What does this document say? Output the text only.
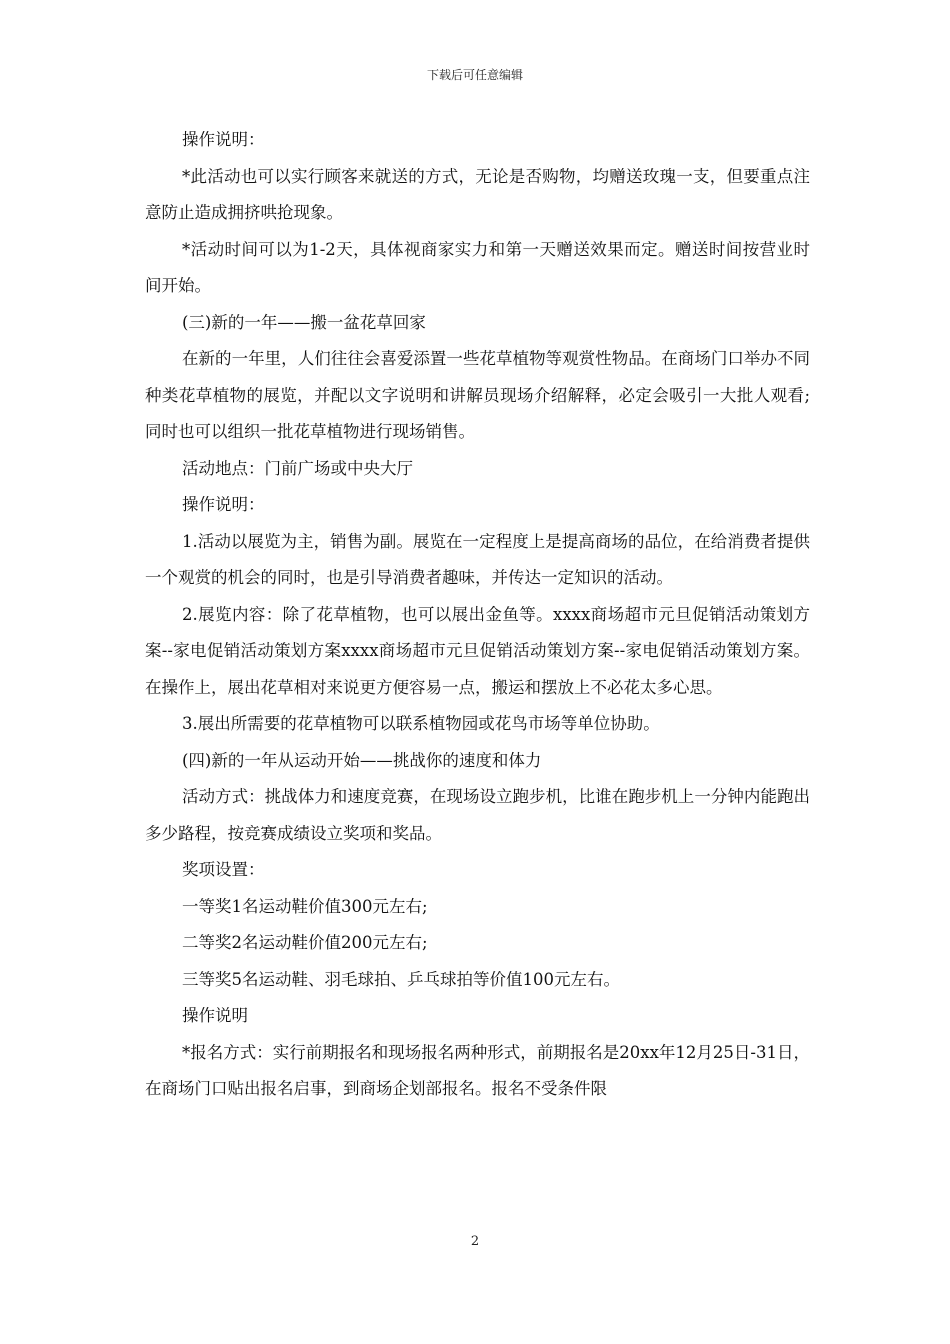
下载后可任意编辑

操作说明：

*此活动也可以实行顾客来就送的方式，无论是否购物，均赠送玫瑰一支，但要重点注意防止造成拥挤哄抢现象。

*活动时间可以为1-2天，具体视商家实力和第一天赠送效果而定。赠送时间按营业时间开始。

(三)新的一年——搬一盆花草回家

在新的一年里，人们往往会喜爱添置一些花草植物等观赏性物品。在商场门口举办不同种类花草植物的展览，并配以文字说明和讲解员现场介绍解释，必定会吸引一大批人观看;同时也可以组织一批花草植物进行现场销售。

活动地点：门前广场或中央大厅

操作说明：

1.活动以展览为主，销售为副。展览在一定程度上是提高商场的品位，在给消费者提供一个观赏的机会的同时，也是引导消费者趣味，并传达一定知识的活动。

2.展览内容：除了花草植物，也可以展出金鱼等。xxxx商场超市元旦促销活动策划方案--家电促销活动策划方案xxxx商场超市元旦促销活动策划方案--家电促销活动策划方案。在操作上，展出花草相对来说更方便容易一点，搬运和摆放上不必花太多心思。

3.展出所需要的花草植物可以联系植物园或花鸟市场等单位协助。

(四)新的一年从运动开始——挑战你的速度和体力

活动方式：挑战体力和速度竞赛，在现场设立跑步机，比谁在跑步机上一分钟内能跑出多少路程，按竞赛成绩设立奖项和奖品。

奖项设置：

一等奖1名运动鞋价值300元左右;

二等奖2名运动鞋价值200元左右;

三等奖5名运动鞋、羽毛球拍、乒乓球拍等价值100元左右。

操作说明

*报名方式：实行前期报名和现场报名两种形式，前期报名是20xx年12月25日-31日，在商场门口贴出报名启事，到商场企划部报名。报名不受条件限

2
